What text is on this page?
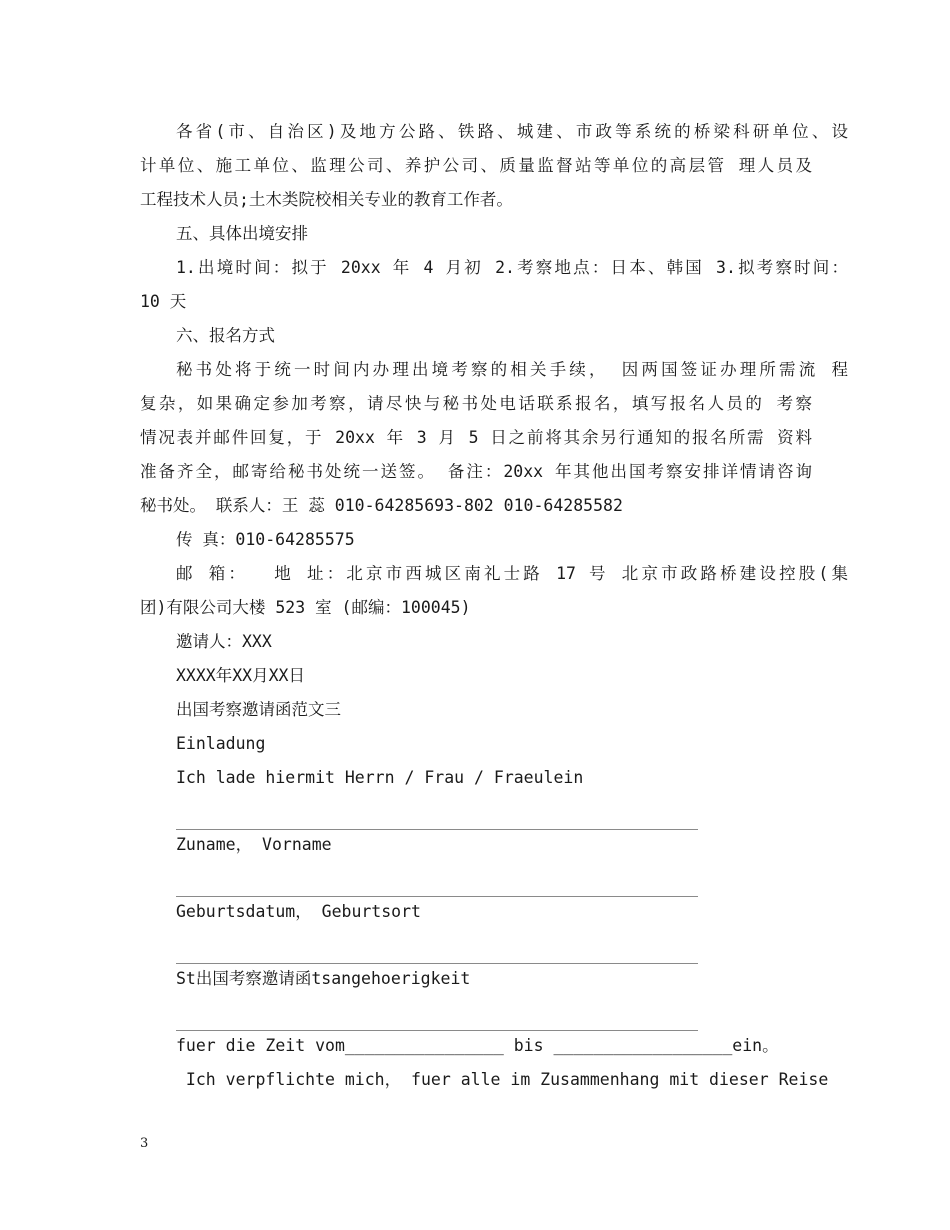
各省(市、自治区)及地方公路、铁路、城建、市政等系统的桥梁科研单位、设
计单位、施工单位、监理公司、养护公司、质量监督站等单位的高层管 理人员及
工程技术人员;土木类院校相关专业的教育工作者。
五、具体出境安排
1.出境时间：拟于 20xx 年 4 月初 2.考察地点：日本、韩国 3.拟考察时间：
10 天
六、报名方式
秘书处将于统一时间内办理出境考察的相关手续， 因两国签证办理所需流 程
复杂，如果确定参加考察，请尽快与秘书处电话联系报名，填写报名人员的 考察
情况表并邮件回复，于 20xx 年 3 月 5 日之前将其余另行通知的报名所需 资料
准备齐全，邮寄给秘书处统一送签。 备注：20xx 年其他出国考察安排详情请咨询
秘书处。 联系人：王 蕊 010-64285693-802 010-64285582
传 真：010-64285575
邮 箱：  地 址：北京市西城区南礼士路 17 号 北京市政路桥建设控股(集
团)有限公司大楼 523 室 (邮编：100045)
邀请人：XXX
XXXX年XX月XX日
出国考察邀请函范文三
Einladung
Ich lade hiermit Herrn / Frau / Fraeulein
Zuname， Vorname
Geburtsdatum， Geburtsort
St出国考察邀请函tsangehoerigkeit
fuer die Zeit vom________________ bis __________________ein。
Ich verpflichte mich， fuer alle im Zusammenhang mit dieser Reise
3
